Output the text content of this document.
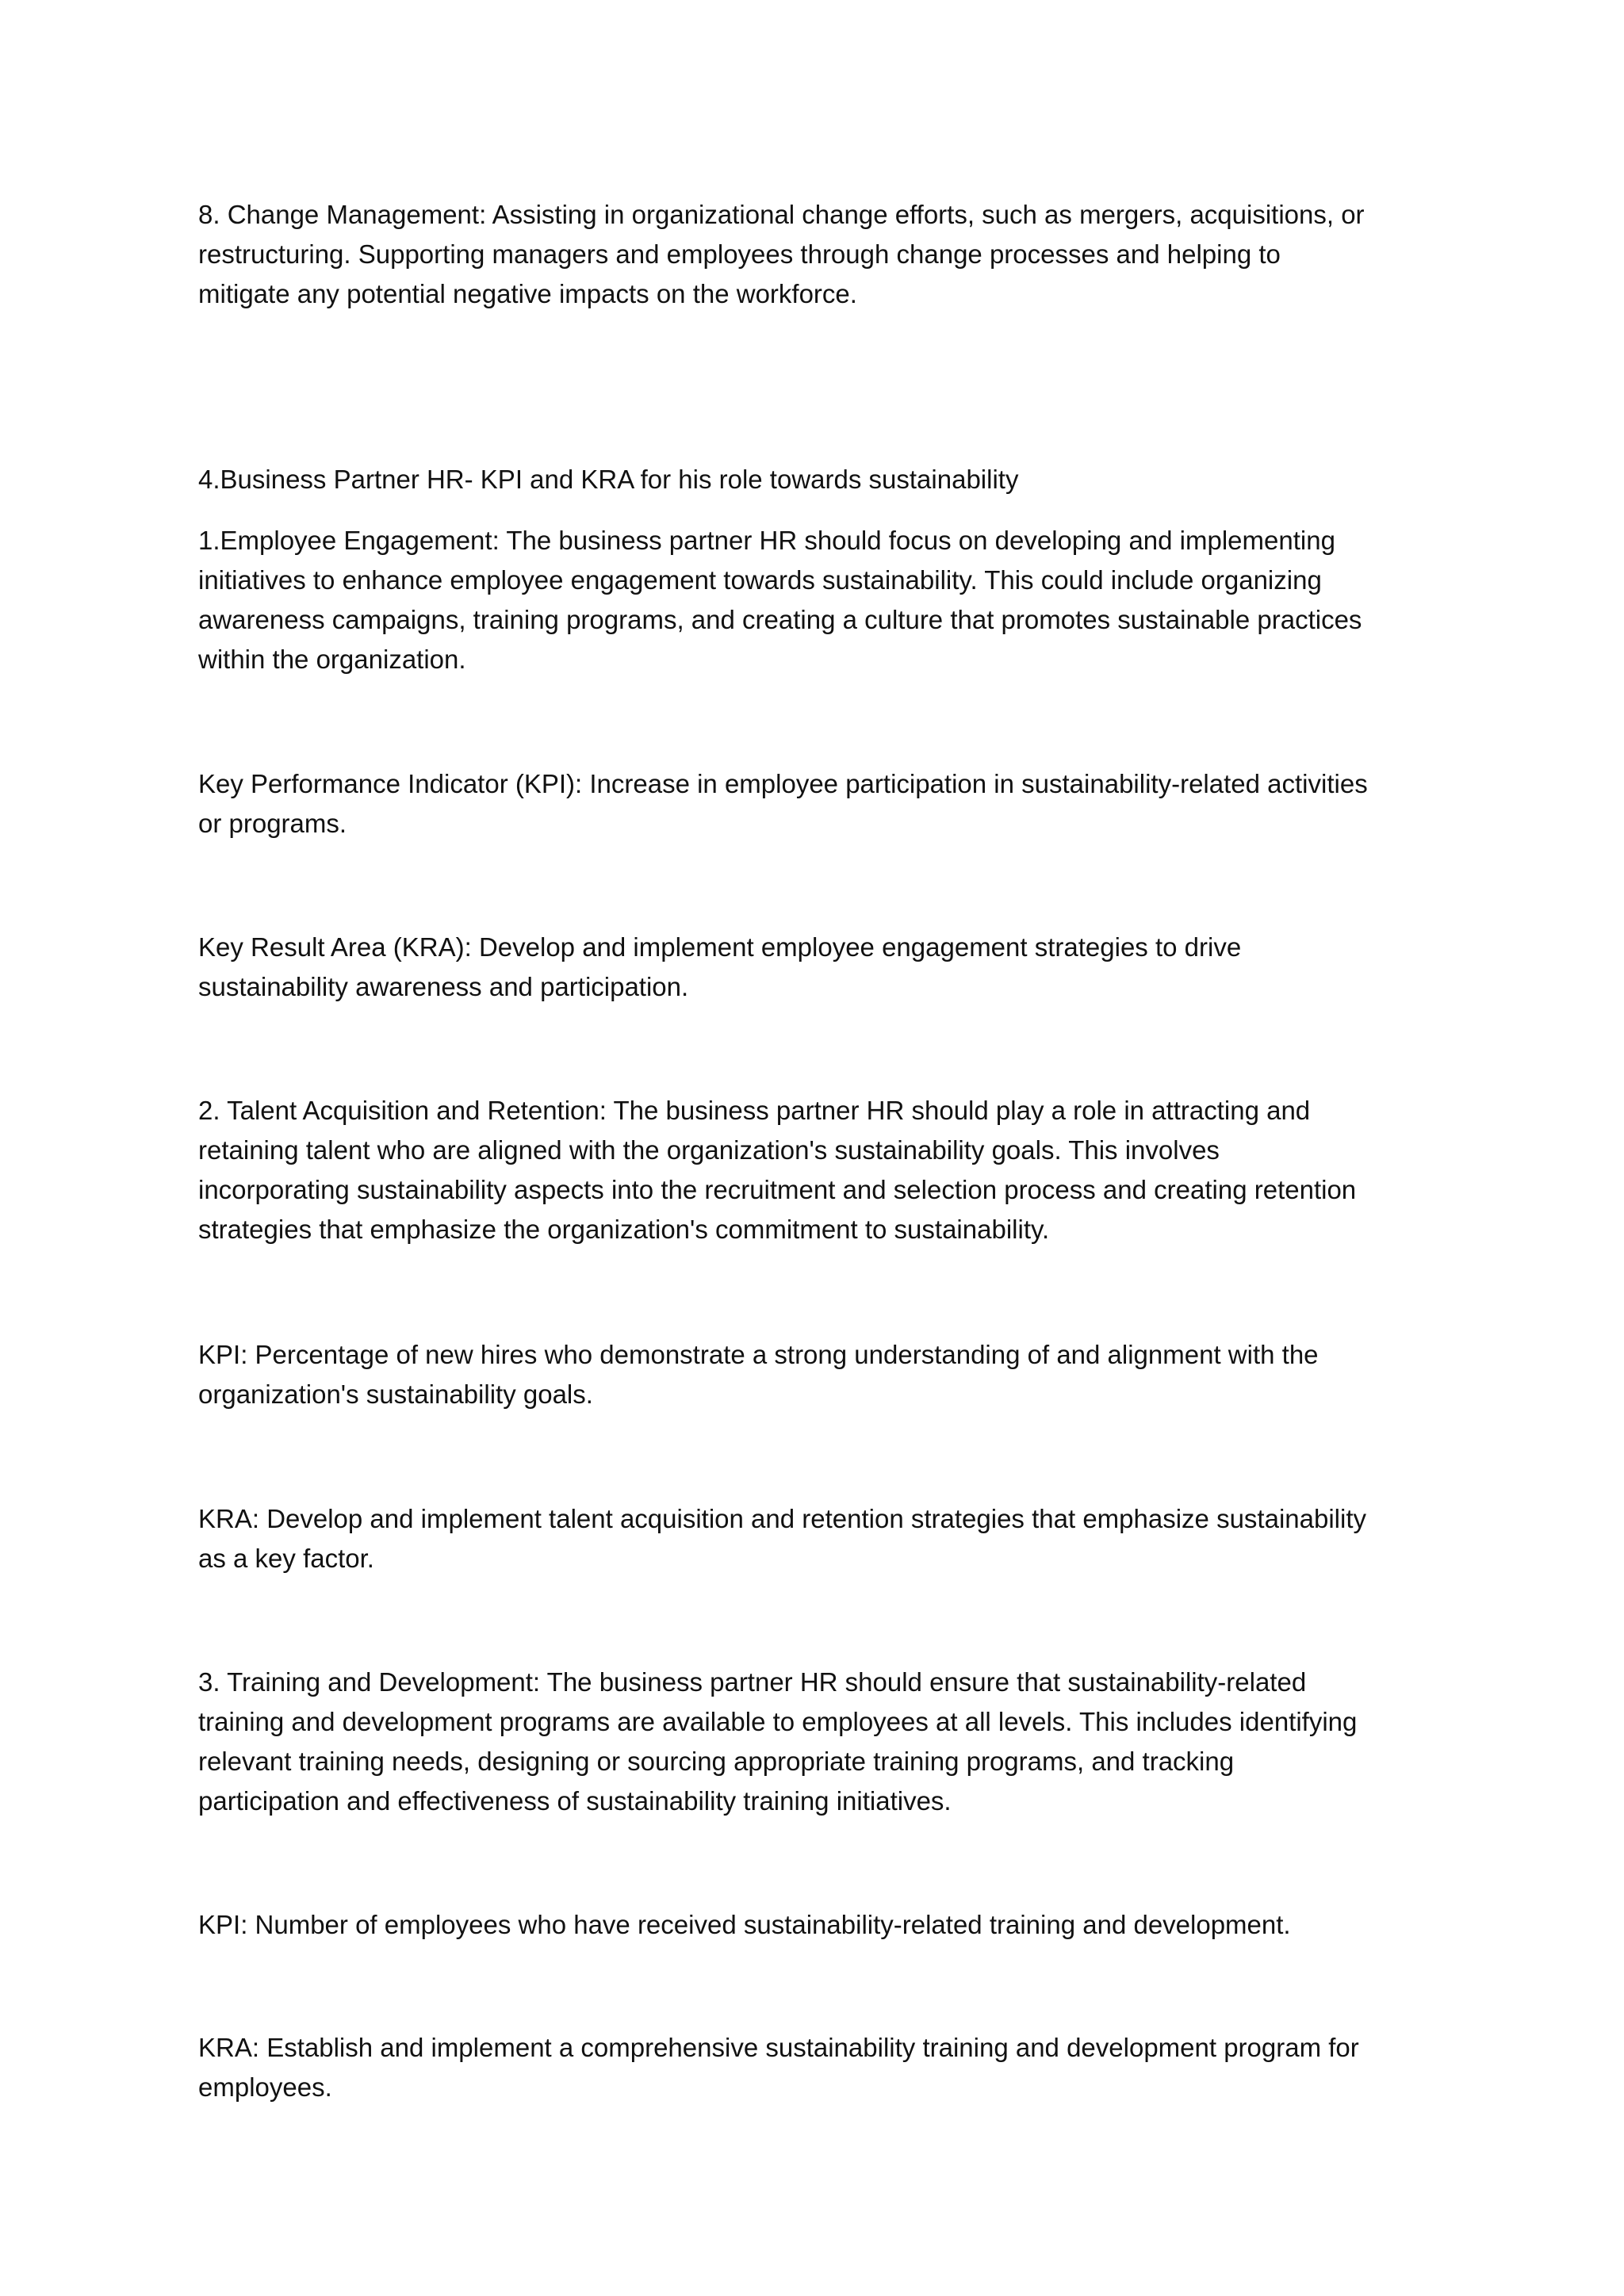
8. Change Management: Assisting in organizational change efforts, such as mergers, acquisitions, or
restructuring. Supporting managers and employees through change processes and helping to
mitigate any potential negative impacts on the workforce.

4.Business Partner HR- KPI and KRA for his role towards sustainability

1.Employee Engagement: The business partner HR should focus on developing and implementing
initiatives to enhance employee engagement towards sustainability. This could include organizing
awareness campaigns, training programs, and creating a culture that promotes sustainable practices
within the organization.

Key Performance Indicator (KPI): Increase in employee participation in sustainability-related activities
or programs.

Key Result Area (KRA): Develop and implement employee engagement strategies to drive
sustainability awareness and participation.

2. Talent Acquisition and Retention: The business partner HR should play a role in attracting and
retaining talent who are aligned with the organization's sustainability goals. This involves
incorporating sustainability aspects into the recruitment and selection process and creating retention
strategies that emphasize the organization's commitment to sustainability.

KPI: Percentage of new hires who demonstrate a strong understanding of and alignment with the
organization's sustainability goals.

KRA: Develop and implement talent acquisition and retention strategies that emphasize sustainability
as a key factor.

3. Training and Development: The business partner HR should ensure that sustainability-related
training and development programs are available to employees at all levels. This includes identifying
relevant training needs, designing or sourcing appropriate training programs, and tracking
participation and effectiveness of sustainability training initiatives.

KPI: Number of employees who have received sustainability-related training and development.

KRA: Establish and implement a comprehensive sustainability training and development program for
employees.
